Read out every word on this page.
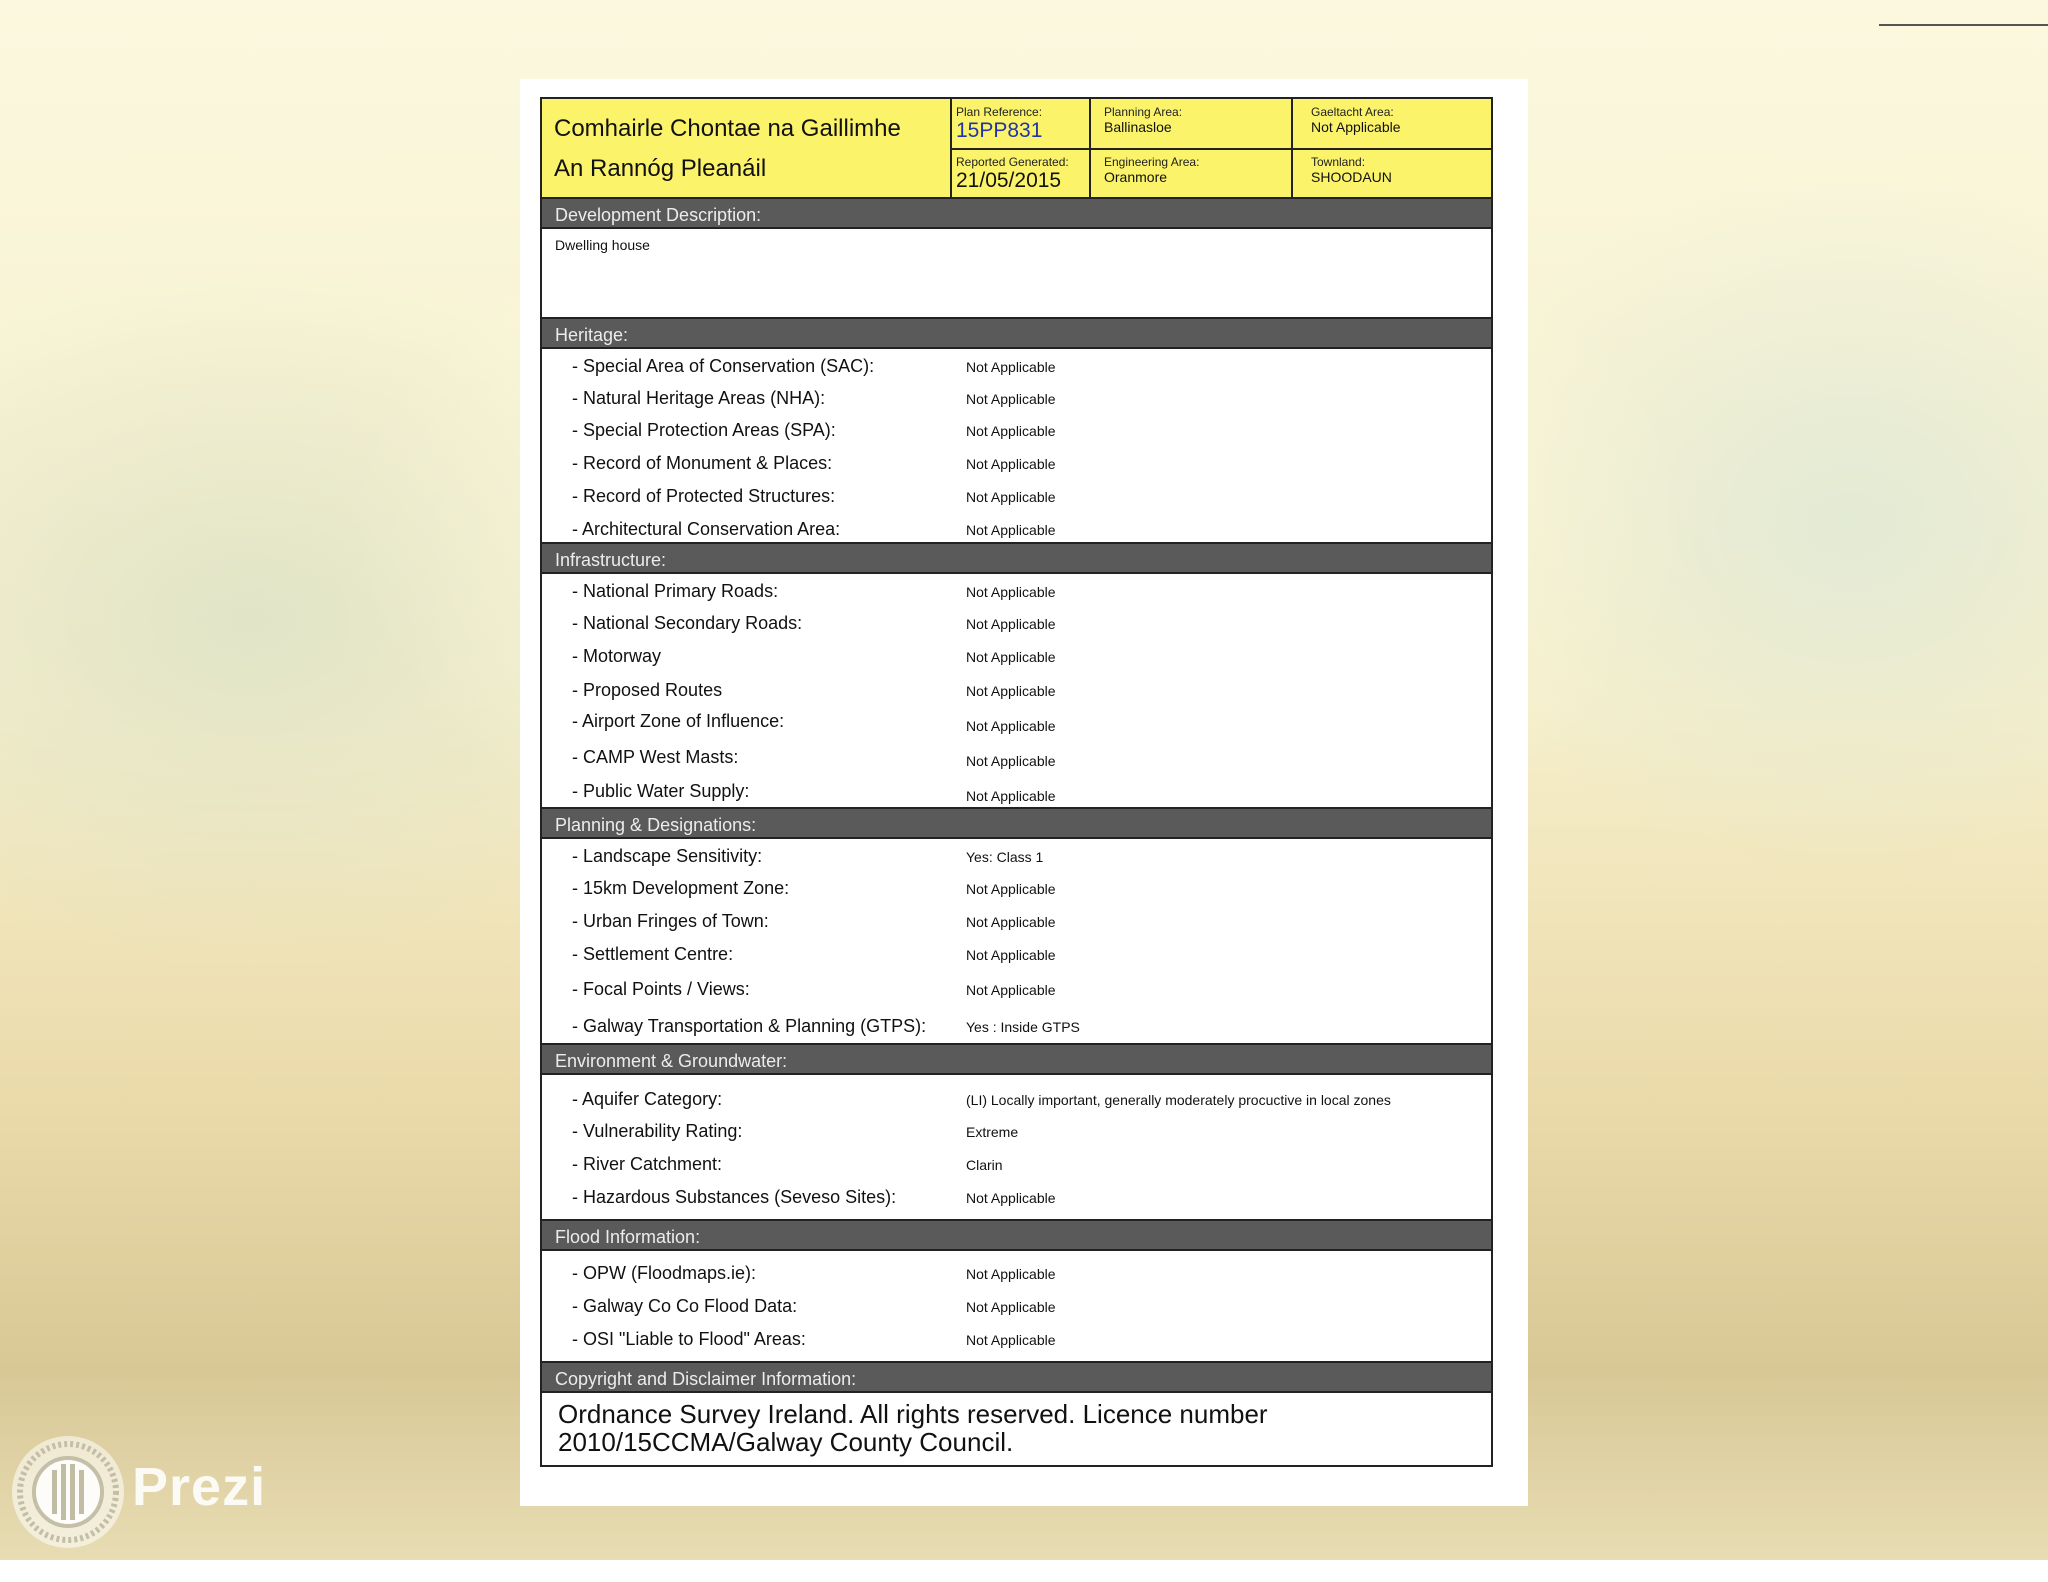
Comhairle Chontae na Gaillimhe
An Rannóg Pleanáil
Plan Reference:
15PP831
Reported Generated:
21/05/2015
Planning Area:
Ballinasloe
Engineering Area:
Oranmore
Gaeltacht Area:
Not Applicable
Townland:
SHOODAUN
Development Description:
Dwelling house
Heritage:
- Special Area of Conservation (SAC):	Not Applicable
- Natural Heritage Areas (NHA):	Not Applicable
- Special Protection Areas (SPA):	Not Applicable
- Record of Monument & Places:	Not Applicable
- Record of Protected Structures:	Not Applicable
- Architectural Conservation Area:	Not Applicable
Infrastructure:
- National Primary Roads:	Not Applicable
- National Secondary Roads:	Not Applicable
- Motorway	Not Applicable
- Proposed Routes	Not Applicable
- Airport Zone of Influence:	Not Applicable
- CAMP West Masts:	Not Applicable
- Public Water Supply:	Not Applicable
Planning & Designations:
- Landscape Sensitivity:	Yes: Class 1
- 15km Development Zone:	Not Applicable
- Urban Fringes of Town:	Not Applicable
- Settlement Centre:	Not Applicable
- Focal Points / Views:	Not Applicable
- Galway Transportation & Planning (GTPS):	Yes : Inside GTPS
Environment & Groundwater:
- Aquifer Category:	(LI) Locally important, generally moderately procuctive in local zones
- Vulnerability Rating:	Extreme
- River Catchment:	Clarin
- Hazardous Substances (Seveso Sites):	Not Applicable
Flood Information:
- OPW (Floodmaps.ie):	Not Applicable
- Galway Co Co Flood Data:	Not Applicable
- OSI "Liable to Flood" Areas:	Not Applicable
Copyright and Disclaimer Information:
Ordnance Survey Ireland. All rights reserved. Licence number 2010/15CCMA/Galway County Council.
Prezi
